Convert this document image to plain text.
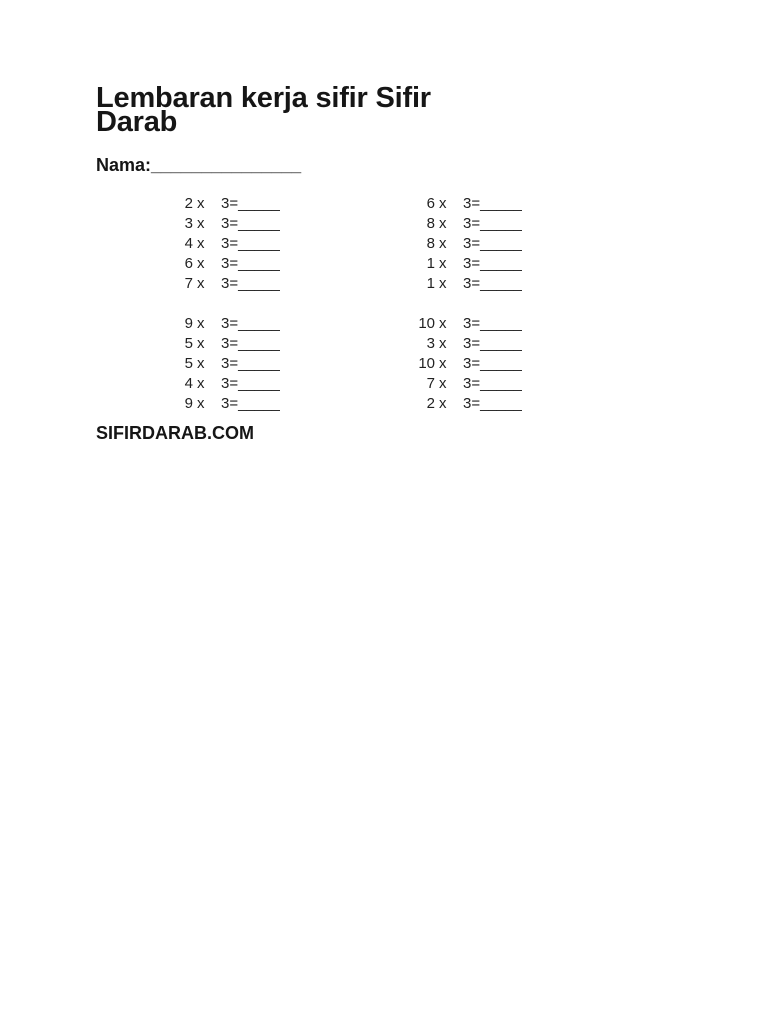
Lembaran kerja sifir Sifir Darab
Nama:_______________
2 x 3=_____
3 x 3=_____
4 x 3=_____
6 x 3=_____
7 x 3=_____
9 x 3=_____
5 x 3=_____
5 x 3=_____
4 x 3=_____
9 x 3=_____
6 x 3=_____
8 x 3=_____
8 x 3=_____
1 x 3=_____
1 x 3=_____
10 x 3=_____
3 x 3=_____
10 x 3=_____
7 x 3=_____
2 x 3=_____
SIFIRDARAB.COM
